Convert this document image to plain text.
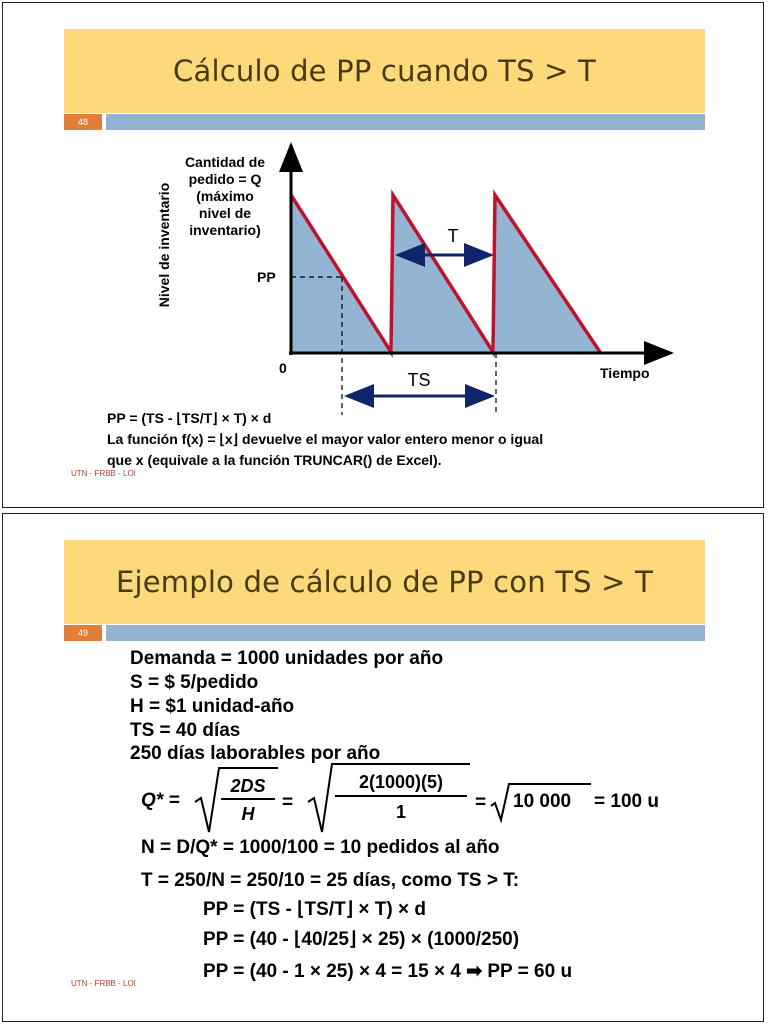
Cálculo de PP cuando TS > T
48
Nivel de inventario
Cantidad de
pedido = Q
(máximo
nivel de
inventario)
PP
T
TS
0	Tiempo
PP = (TS - ⌊TS/T⌋ × T) × d
La función f(x) = ⌊x⌋ devuelve el mayor valor entero menor o igual
que x (equivale a la función TRUNCAR() de Excel).
UTN - FRBB - LOI
Ejemplo de cálculo de PP con TS > T
49
Demanda = 1000 unidades por año
S = $ 5/pedido
H = $1 unidad-año
TS = 40 días
250 días laborables por año
Q* =
2DS
H
=
2(1000)(5)
1	= 10 000 = 100 u
N = D/Q* = 1000/100 = 10 pedidos al año
T = 250/N = 250/10 = 25 días, como TS > T:
PP = (TS - ⌊TS/T⌋ × T) × d
PP = (40 - ⌊40/25⌋ × 25) × (1000/250)
PP = (40 - 1 × 25) × 4 = 15 × 4 ➡ PP = 60 u
UTN - FRBB - LOI
